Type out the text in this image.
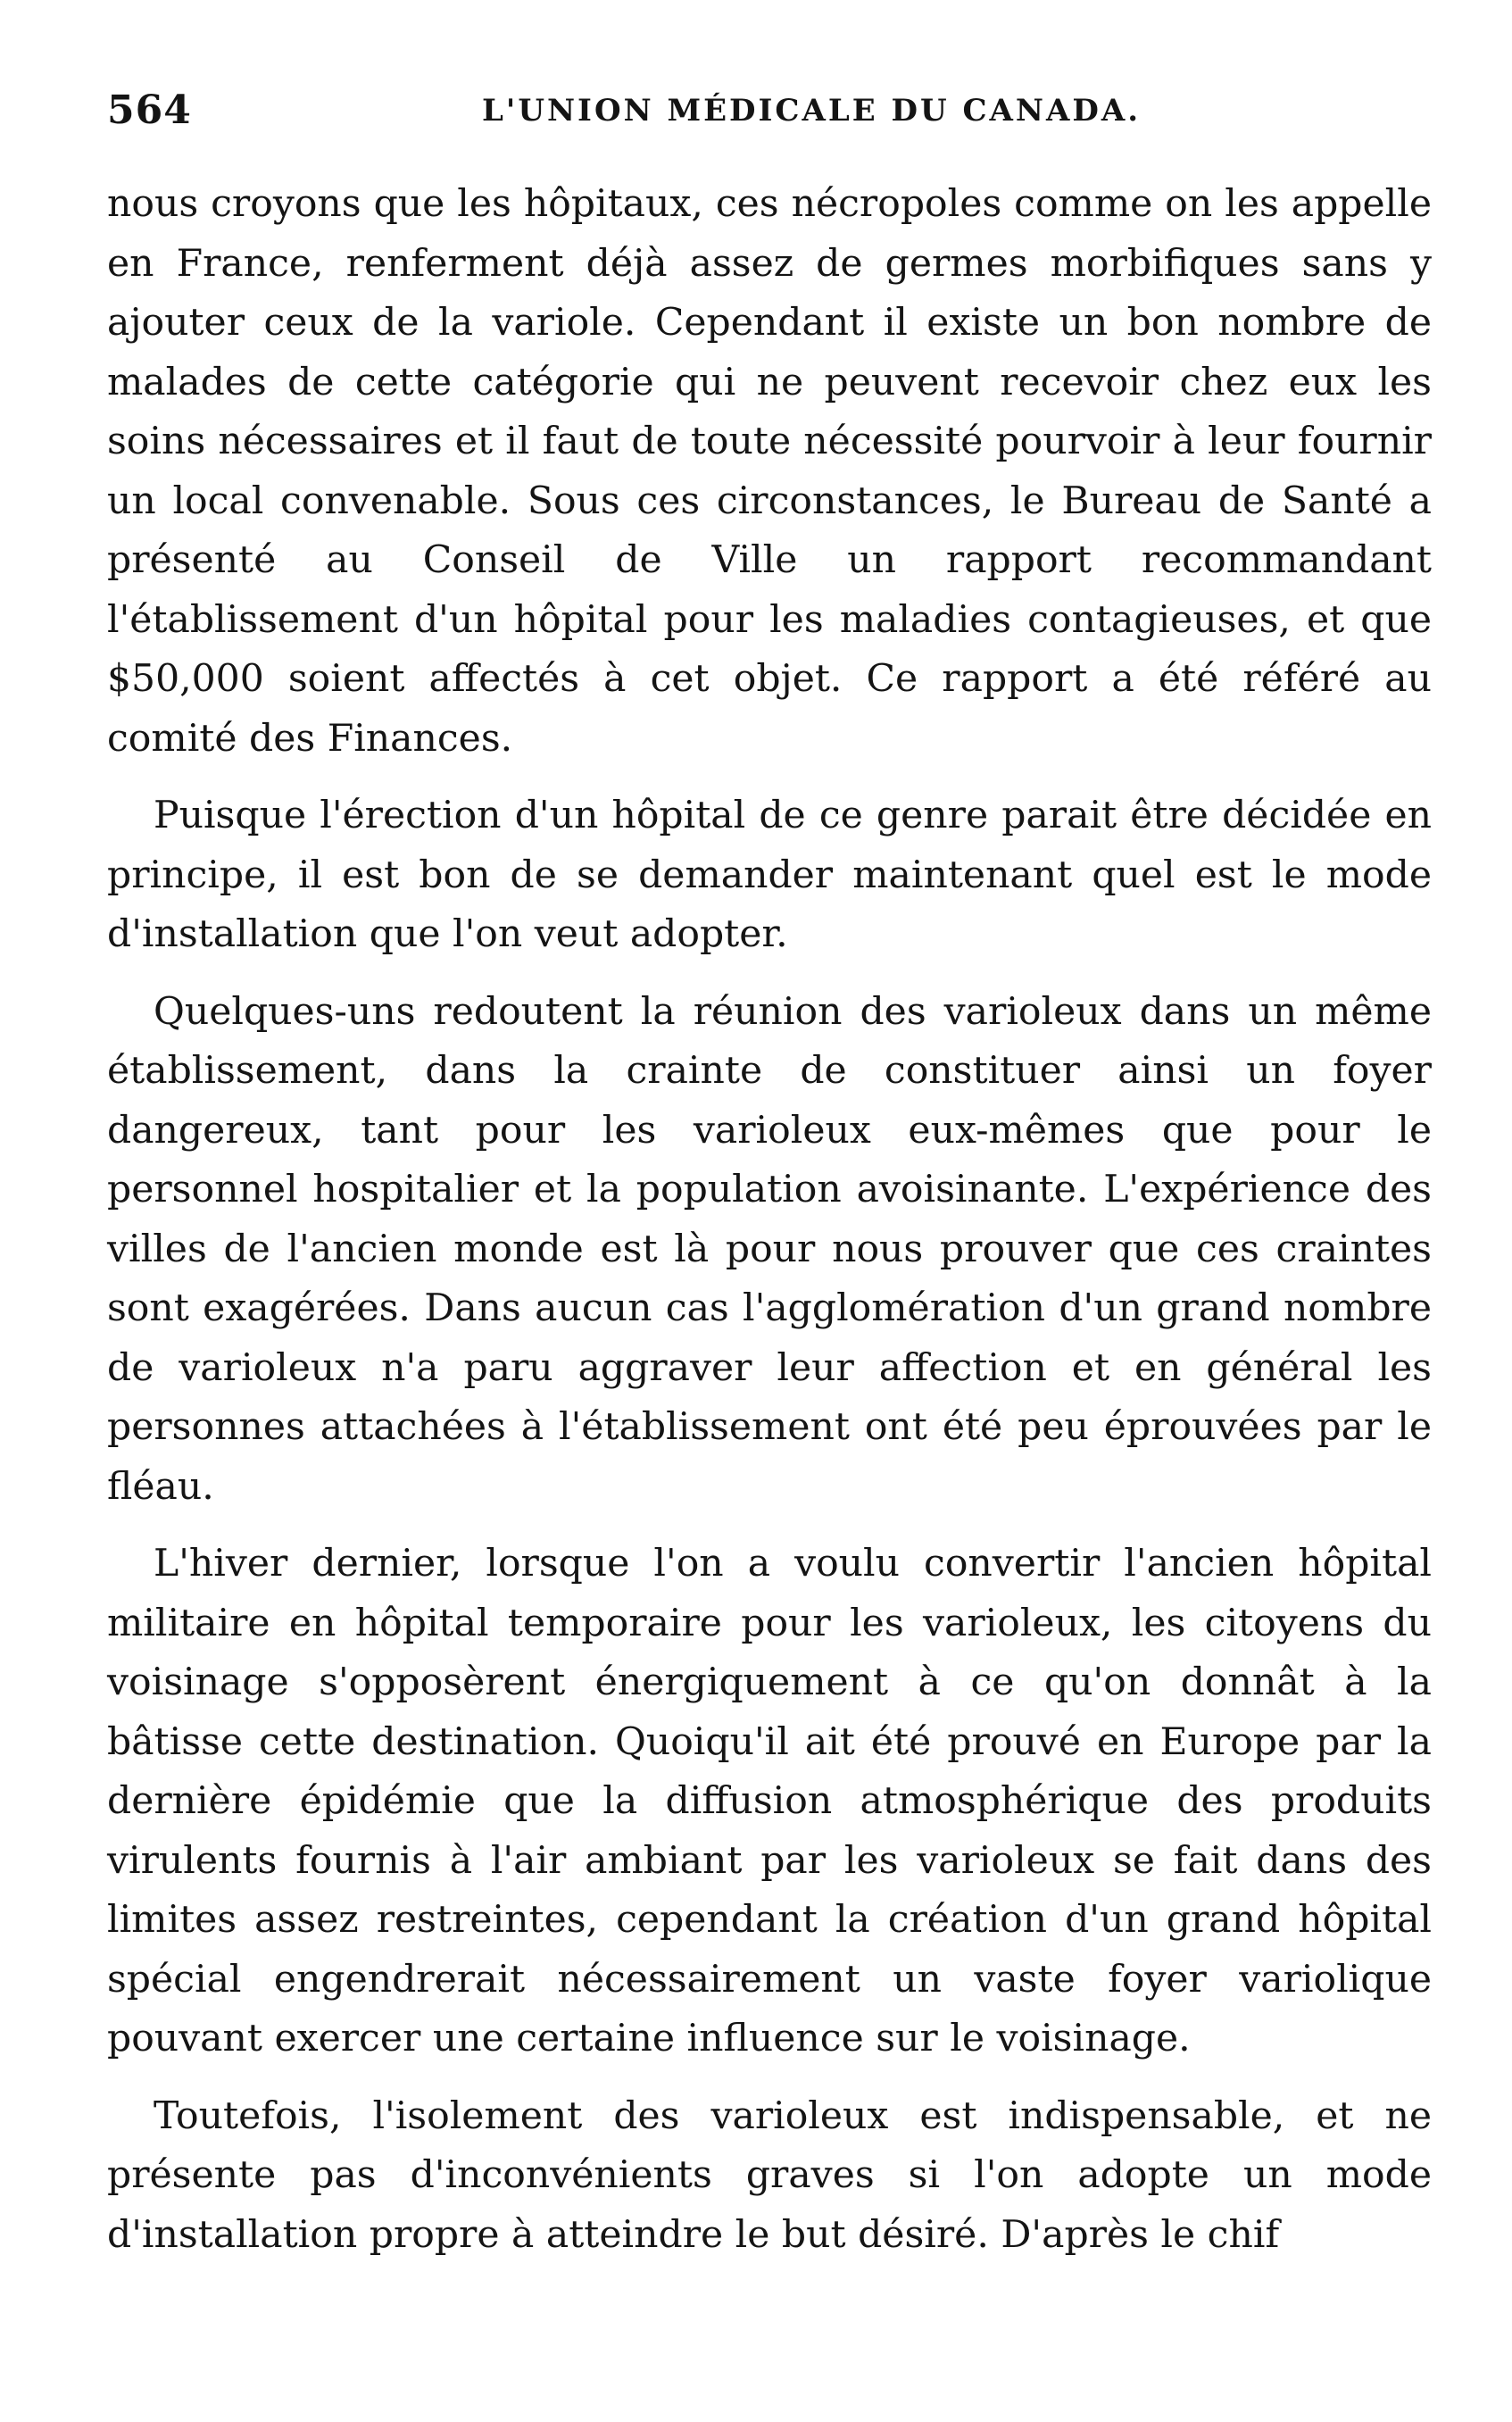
564	L'UNION MÉDICALE DU CANADA.

nous croyons que les hôpitaux, ces nécropoles comme on les appelle en France, renferment déjà assez de germes morbifiques sans y ajouter ceux de la variole. Cependant il existe un bon nombre de malades de cette catégorie qui ne peuvent recevoir chez eux les soins nécessaires et il faut de toute nécessité pourvoir à leur fournir un local convenable. Sous ces circonstances, le Bureau de Santé a présenté au Conseil de Ville un rapport recommandant l'établissement d'un hôpital pour les maladies contagieuses, et que $50,000 soient affectés à cet objet. Ce rapport a été référé au comité des Finances.

Puisque l'érection d'un hôpital de ce genre parait être décidée en principe, il est bon de se demander maintenant quel est le mode d'installation que l'on veut adopter.

Quelques-uns redoutent la réunion des varioleux dans un même établissement, dans la crainte de constituer ainsi un foyer dangereux, tant pour les varioleux eux-mêmes que pour le personnel hospitalier et la population avoisinante. L'expérience des villes de l'ancien monde est là pour nous prouver que ces craintes sont exagérées. Dans aucun cas l'agglomération d'un grand nombre de varioleux n'a paru aggraver leur affection et en général les personnes attachées à l'établissement ont été peu éprouvées par le fléau.

L'hiver dernier, lorsque l'on a voulu convertir l'ancien hôpital militaire en hôpital temporaire pour les varioleux, les citoyens du voisinage s'opposèrent énergiquement à ce qu'on donnât à la bâtisse cette destination. Quoiqu'il ait été prouvé en Europe par la dernière épidémie que la diffusion atmosphérique des produits virulents fournis à l'air ambiant par les varioleux se fait dans des limites assez restreintes, cependant la création d'un grand hôpital spécial engendrerait nécessairement un vaste foyer variolique pouvant exercer une certaine influence sur le voisinage.

Toutefois, l'isolement des varioleux est indispensable, et ne présente pas d'inconvénients graves si l'on adopte un mode d'installation propre à atteindre le but désiré. D'après le chif
